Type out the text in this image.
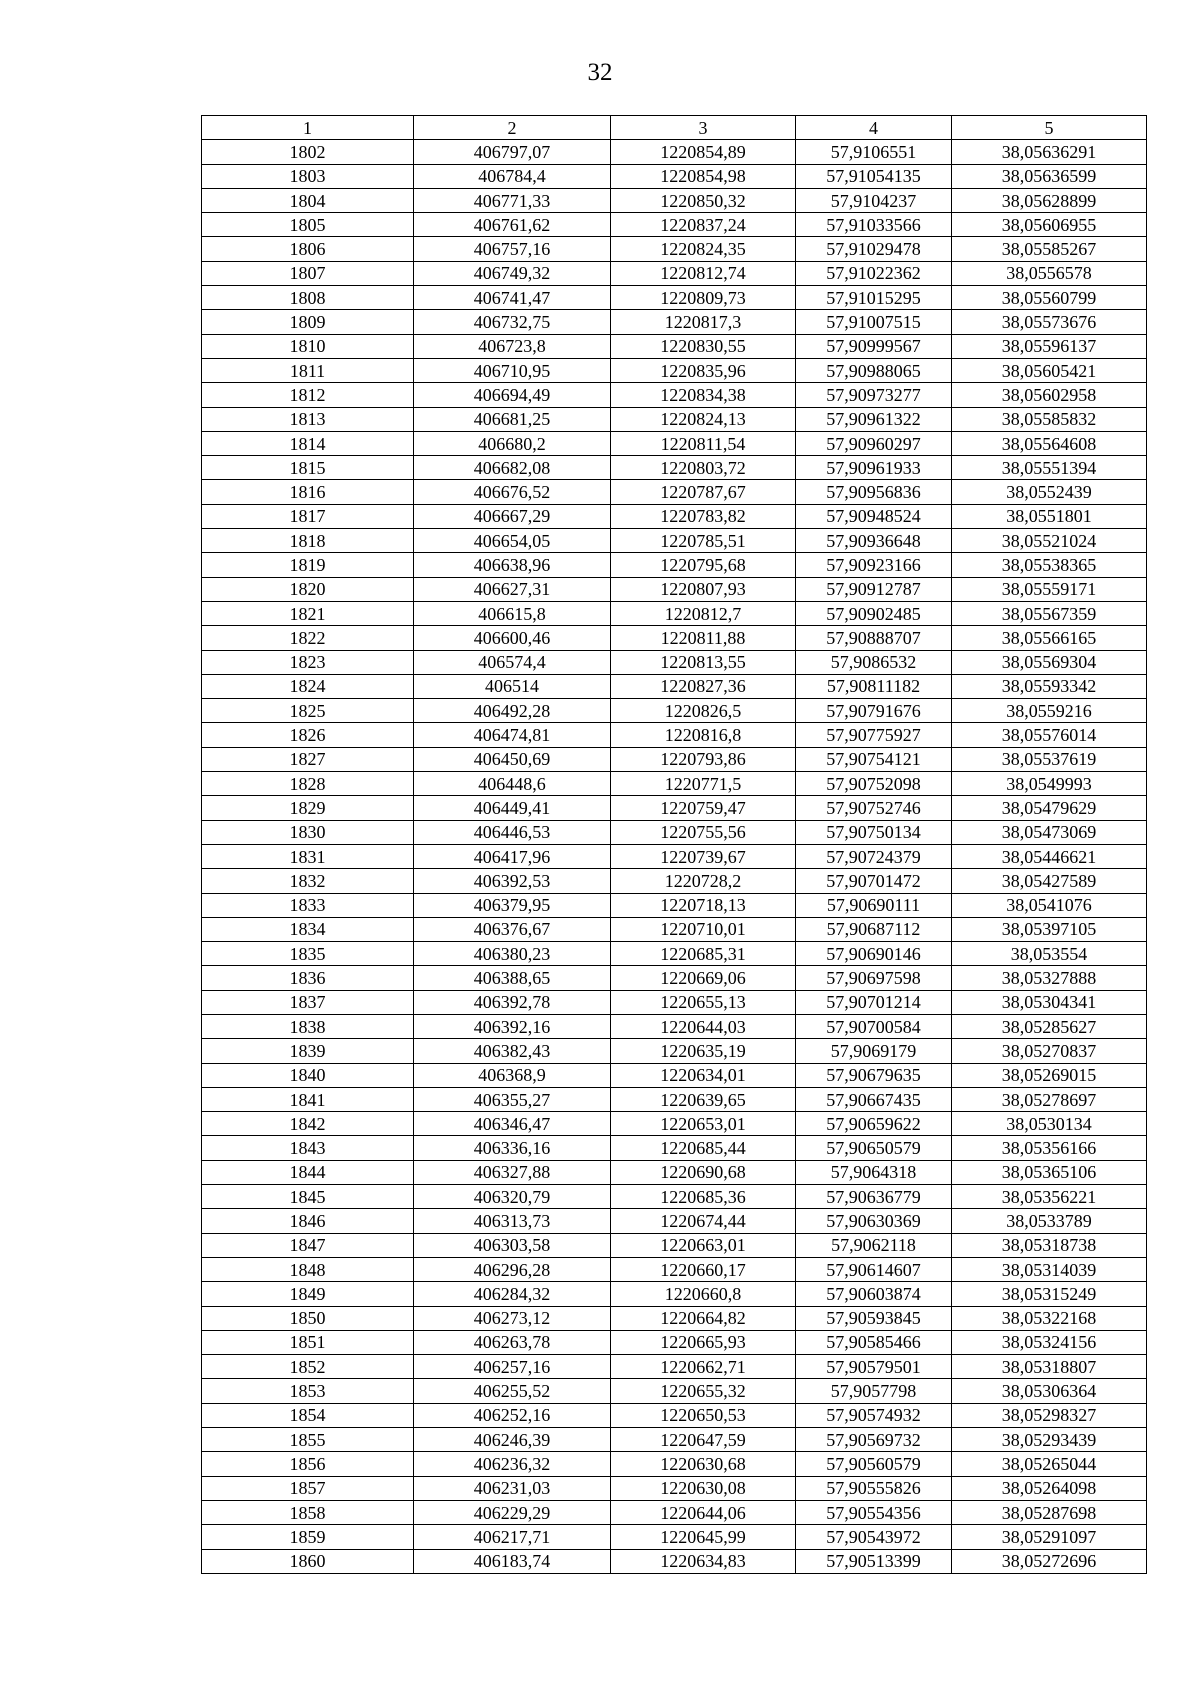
32
1	2	3	4	5
1802	406797,07	1220854,89	57,9106551	38,05636291
1803	406784,4	1220854,98	57,91054135	38,05636599
1804	406771,33	1220850,32	57,9104237	38,05628899
1805	406761,62	1220837,24	57,91033566	38,05606955
1806	406757,16	1220824,35	57,91029478	38,05585267
1807	406749,32	1220812,74	57,91022362	38,0556578
1808	406741,47	1220809,73	57,91015295	38,05560799
1809	406732,75	1220817,3	57,91007515	38,05573676
1810	406723,8	1220830,55	57,90999567	38,05596137
1811	406710,95	1220835,96	57,90988065	38,05605421
1812	406694,49	1220834,38	57,90973277	38,05602958
1813	406681,25	1220824,13	57,90961322	38,05585832
1814	406680,2	1220811,54	57,90960297	38,05564608
1815	406682,08	1220803,72	57,90961933	38,05551394
1816	406676,52	1220787,67	57,90956836	38,0552439
1817	406667,29	1220783,82	57,90948524	38,0551801
1818	406654,05	1220785,51	57,90936648	38,05521024
1819	406638,96	1220795,68	57,90923166	38,05538365
1820	406627,31	1220807,93	57,90912787	38,05559171
1821	406615,8	1220812,7	57,90902485	38,05567359
1822	406600,46	1220811,88	57,90888707	38,05566165
1823	406574,4	1220813,55	57,9086532	38,05569304
1824	406514	1220827,36	57,90811182	38,05593342
1825	406492,28	1220826,5	57,90791676	38,0559216
1826	406474,81	1220816,8	57,90775927	38,05576014
1827	406450,69	1220793,86	57,90754121	38,05537619
1828	406448,6	1220771,5	57,90752098	38,0549993
1829	406449,41	1220759,47	57,90752746	38,05479629
1830	406446,53	1220755,56	57,90750134	38,05473069
1831	406417,96	1220739,67	57,90724379	38,05446621
1832	406392,53	1220728,2	57,90701472	38,05427589
1833	406379,95	1220718,13	57,90690111	38,0541076
1834	406376,67	1220710,01	57,90687112	38,05397105
1835	406380,23	1220685,31	57,90690146	38,053554
1836	406388,65	1220669,06	57,90697598	38,05327888
1837	406392,78	1220655,13	57,90701214	38,05304341
1838	406392,16	1220644,03	57,90700584	38,05285627
1839	406382,43	1220635,19	57,9069179	38,05270837
1840	406368,9	1220634,01	57,90679635	38,05269015
1841	406355,27	1220639,65	57,90667435	38,05278697
1842	406346,47	1220653,01	57,90659622	38,0530134
1843	406336,16	1220685,44	57,90650579	38,05356166
1844	406327,88	1220690,68	57,9064318	38,05365106
1845	406320,79	1220685,36	57,90636779	38,05356221
1846	406313,73	1220674,44	57,90630369	38,0533789
1847	406303,58	1220663,01	57,9062118	38,05318738
1848	406296,28	1220660,17	57,90614607	38,05314039
1849	406284,32	1220660,8	57,90603874	38,05315249
1850	406273,12	1220664,82	57,90593845	38,05322168
1851	406263,78	1220665,93	57,90585466	38,05324156
1852	406257,16	1220662,71	57,90579501	38,05318807
1853	406255,52	1220655,32	57,9057798	38,05306364
1854	406252,16	1220650,53	57,90574932	38,05298327
1855	406246,39	1220647,59	57,90569732	38,05293439
1856	406236,32	1220630,68	57,90560579	38,05265044
1857	406231,03	1220630,08	57,90555826	38,05264098
1858	406229,29	1220644,06	57,90554356	38,05287698
1859	406217,71	1220645,99	57,90543972	38,05291097
1860	406183,74	1220634,83	57,90513399	38,05272696
